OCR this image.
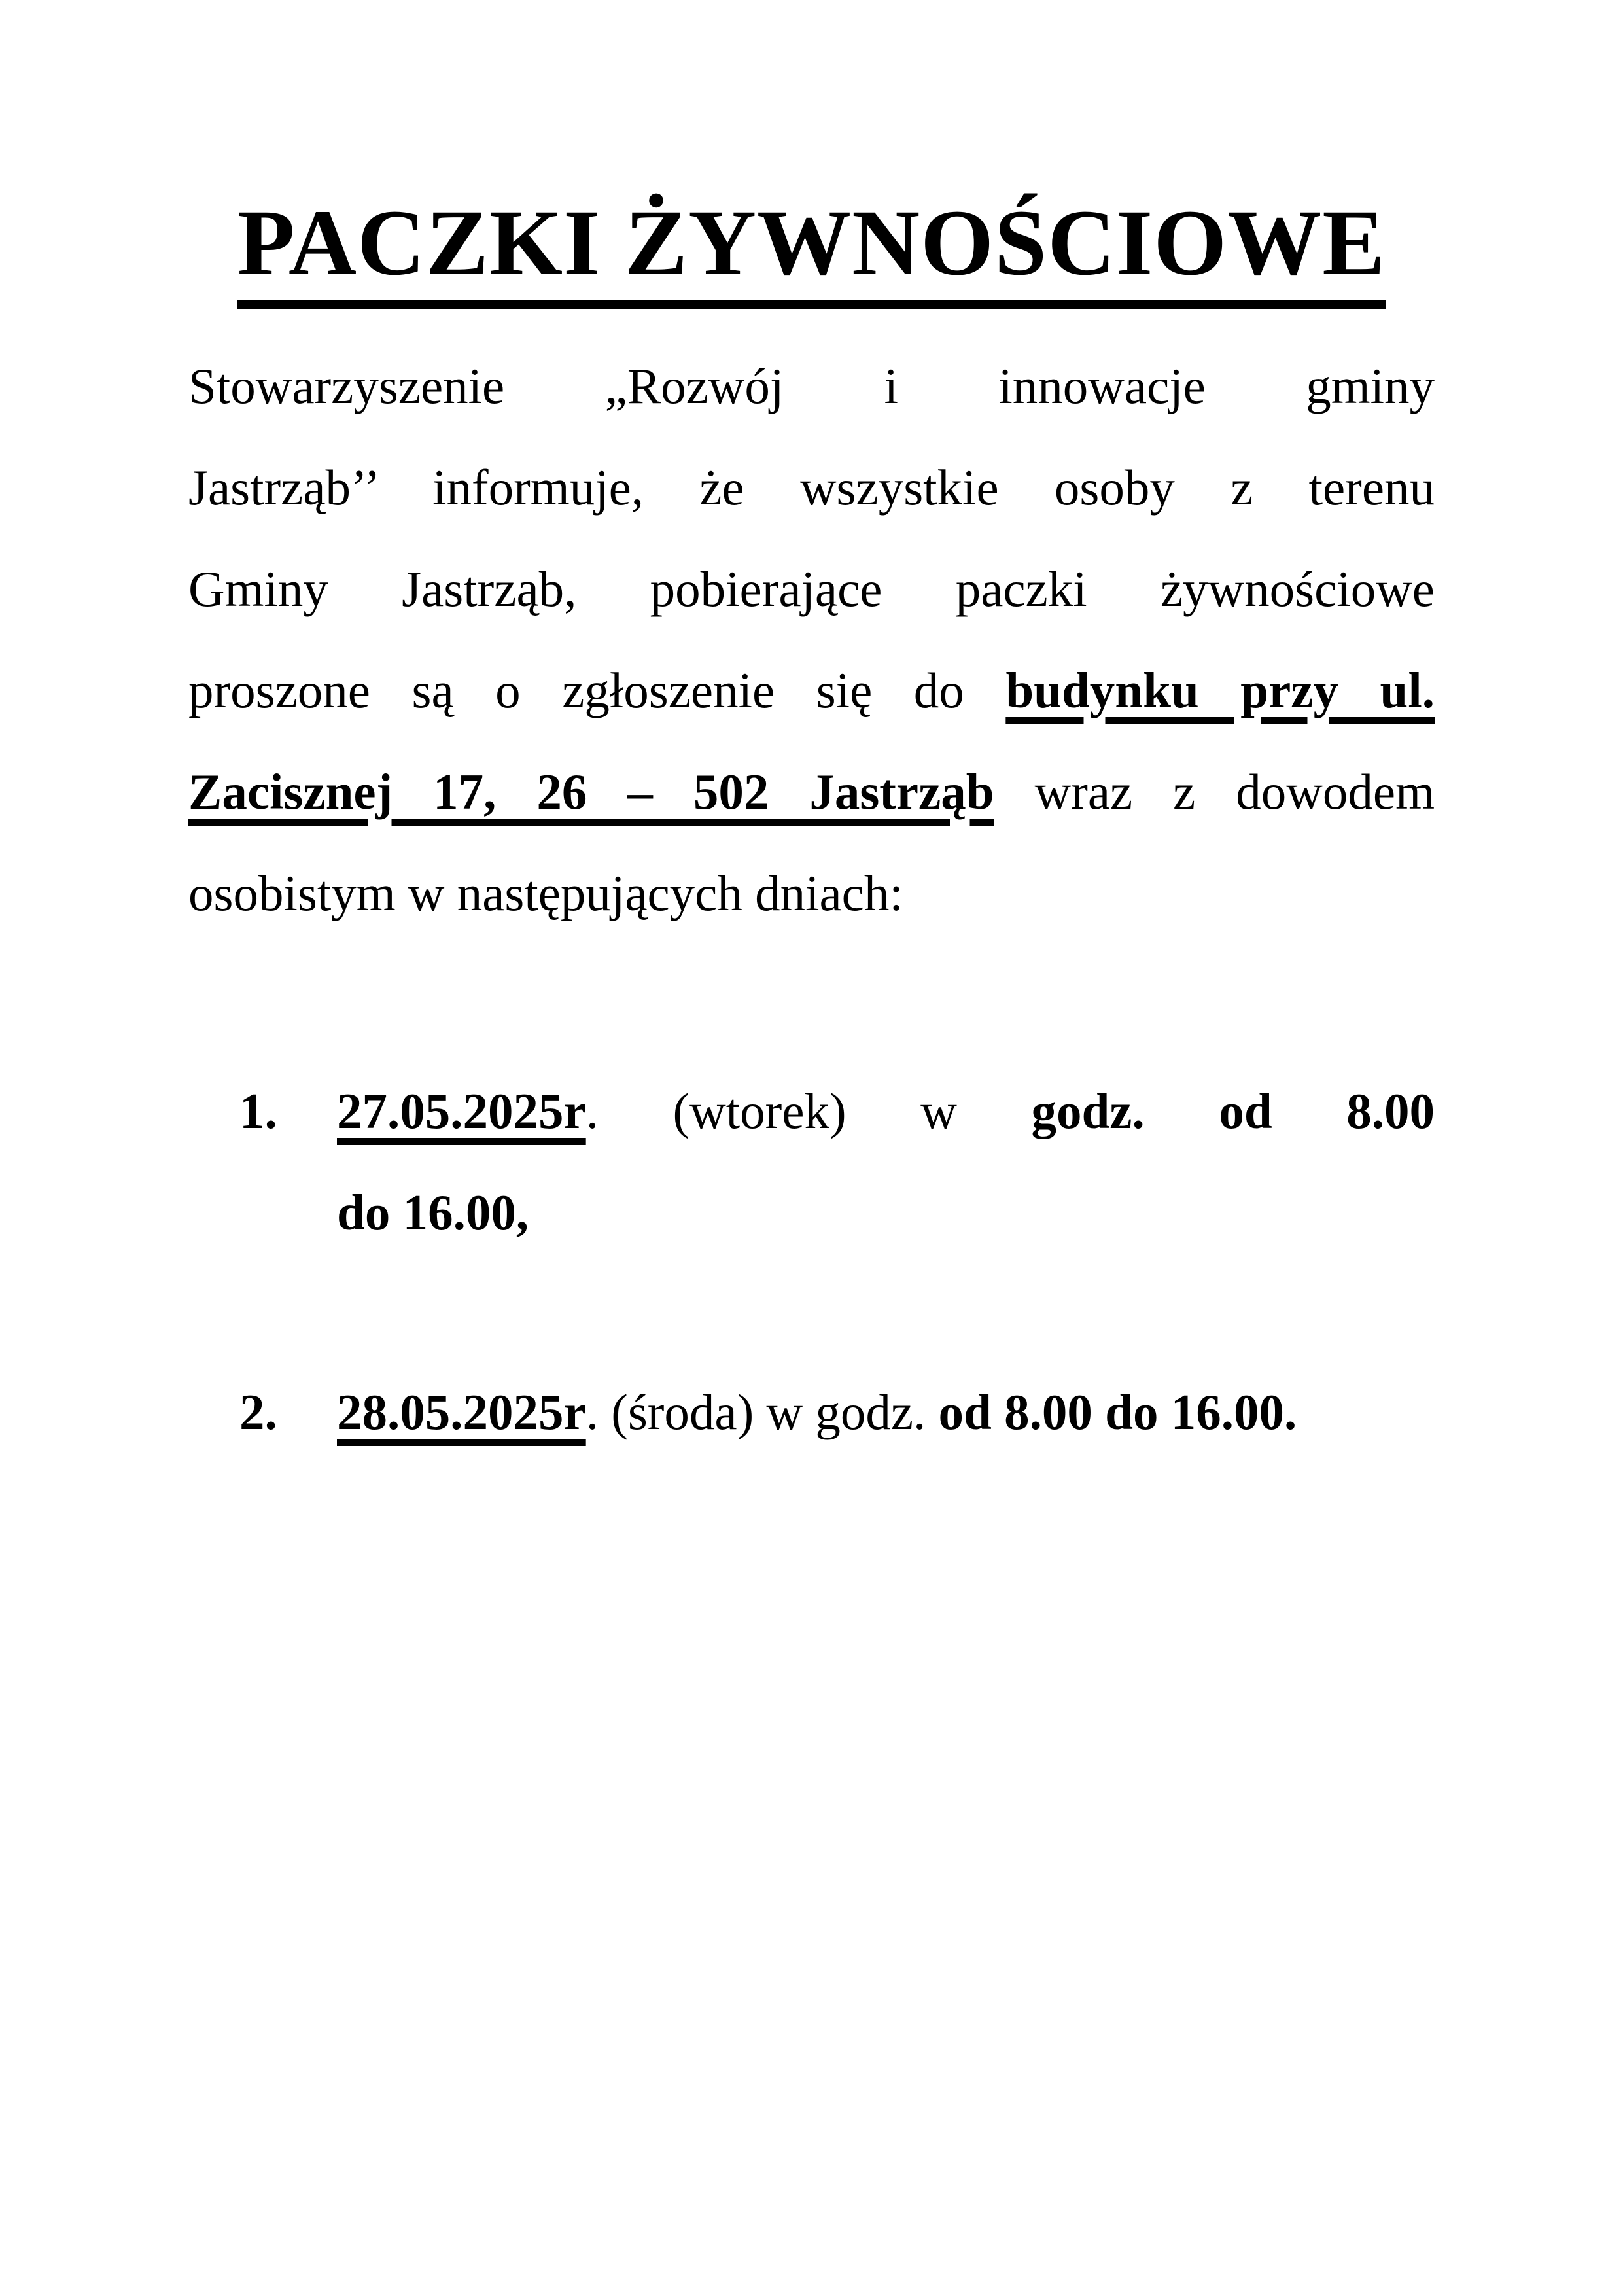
PACZKI ŻYWNOŚCIOWE
Stowarzyszenie „Rozwój i innowacje gminy
Jastrząb’’ informuje, że wszystkie osoby z terenu
Gminy Jastrząb, pobierające paczki żywnościowe
proszone są o zgłoszenie się do budynku przy ul.
Zacisznej 17, 26 – 502 Jastrząb wraz z dowodem
osobistym w następujących dniach:
1. 27.05.2025r. (wtorek) w godz. od 8.00
do 16.00,
2. 28.05.2025r. (środa) w godz. od 8.00 do 16.00.
